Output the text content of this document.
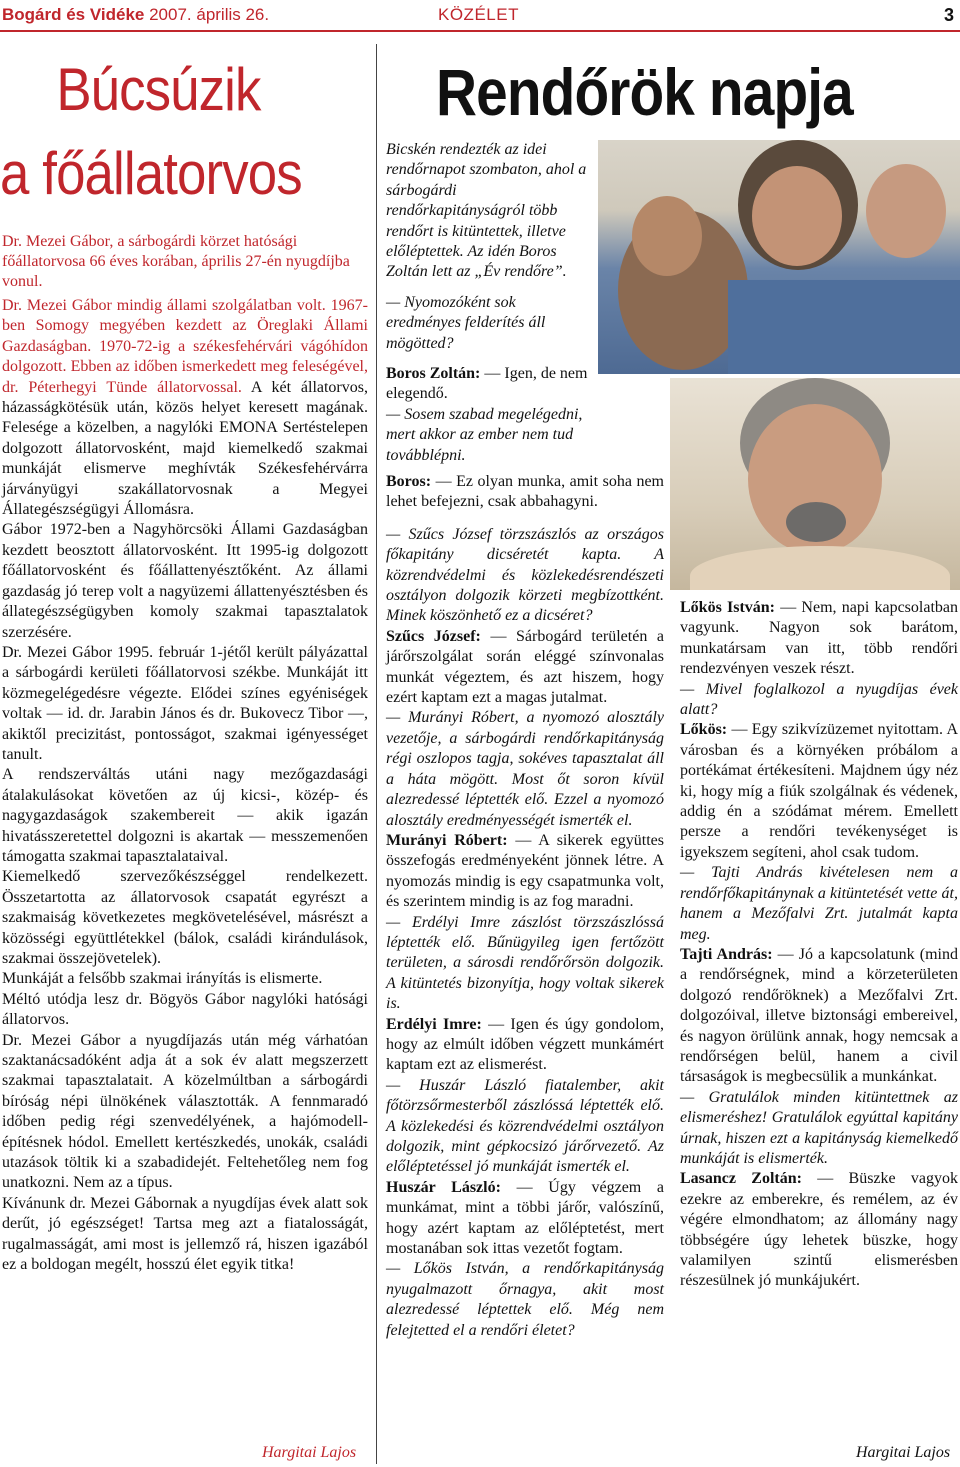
Bogárd és Vidéke 2007. április 26.	KÖZÉLET	3
Búcsúzik
a főállatorvos

Dr. Mezei Gábor, a sárbogárdi körzet hatósági főállatorvosa 66 éves korában, április 27-én nyugdíjba vonul.

Dr. Mezei Gábor mindig állami szolgálatban volt. 1967-ben Somogy megyében kezdett az Öreglaki Állami Gazdaságban. 1970-72-ig a székesfehérvári vágóhídon dolgozott. Ebben az időben ismerkedett meg feleségével, dr. Péterhegyi Tünde állatorvossal. A két állatorvos, házasságkötésük után, közös helyet keresett magának. Felesége a közelben, a nagylóki EMONA Sertéstelepen dolgozott állatorvosként, majd kiemelkedő szakmai munkáját elismerve meghívták Székesfehérvárra járványügyi szakállatorvosnak a Megyei Állategészségügyi Állomásra.

Gábor 1972-ben a Nagyhörcsöki Állami Gazdaságban kezdett beosztott állatorvosként. Itt 1995-ig dolgozott főállatorvosként és főállattenyésztőként. Az állami gazdaság jó terep volt a nagyüzemi állattenyésztésben és állategészségügyben komoly szakmai tapasztalatok szerzésére.

Dr. Mezei Gábor 1995. február 1-jétől került pályázattal a sárbogárdi kerületi főállatorvosi székbe. Munkáját itt közmegelégedésre végezte. Elődei színes egyéniségek voltak — id. dr. Jarabin János és dr. Bukovecz Tibor —, akiktől precizitást, pontosságot, szakmai igényességet tanult.

A rendszerváltás utáni nagy mezőgazdasági átalakulásokat követően az új kicsi-, közép- és nagygazdaságok szakembereit — akik igazán hivatásszeretettel dolgozni is akartak — messzemenően támogatta szakmai tapasztalataival.

Kiemelkedő szervezőkészséggel rendelkezett. Összetartotta az állatorvosok csapatát egyrészt a szakmaiság következetes megkövetelésével, másrészt a közösségi együttlétekkel (bálok, családi kirándulások, szakmai összejövetelek).

Munkáját a felsőbb szakmai irányítás is elismerte.

Méltó utódja lesz dr. Bögyös Gábor nagylóki hatósági állatorvos.

Dr. Mezei Gábor a nyugdíjazás után még várhatóan szaktanácsadóként adja át a sok év alatt megszerzett szakmai tapasztalatait. A közelmúltban a sárbogárdi bíróság népi ülnökének választották. A fennmaradó időben pedig régi szenvedélyének, a hajómodell-építésnek hódol. Emellett kertészkedés, unokák, családi utazások töltik ki a szabadidejét. Feltehetőleg nem fog unatkozni. Nem az a típus.

Kívánunk dr. Mezei Gábornak a nyugdíjas évek alatt sok derűt, jó egészséget! Tartsa meg azt a fiatalosságát, rugalmasságát, ami most is jellemző rá, hiszen igazából ez a boldogan megélt, hosszú élet egyik titka!

Hargitai Lajos
Rendőrök napja

Bicskén rendezték az idei rendőrnapot szombaton, ahol a sárbogárdi rendőrkapitányságról több rendőrt is kitüntettek, illetve előléptettek. Az idén Boros Zoltán lett az „Év rendőre”.

— Nyomozóként sok eredményes felderítés áll mögötted?

Boros Zoltán: — Igen, de nem elegendő.

— Sosem szabad megelégedni, mert akkor az ember nem tud továbblépni.

Boros: — Ez olyan munka, amit soha nem lehet befejezni, csak abbahagyni.

— Szűcs József törzszászlós az országos főkapitány dicséretét kapta. A közrendvédelmi és közlekedésrendészeti osztályon dolgozik körzeti megbízottként. Minek köszönhető ez a dicséret?

Szűcs József: — Sárbogárd területén a járőrszolgálat során eléggé színvonalas munkát végeztem, és azt hiszem, hogy ezért kaptam ezt a magas jutalmat.

— Murányi Róbert, a nyomozó alosztály vezetője, a sárbogárdi rendőrkapitányság régi oszlopos tagja, sokéves tapasztalat áll a háta mögött. Most őt soron kívül alezredessé léptették elő. Ezzel a nyomozó alosztály eredményességét ismerték el.

Murányi Róbert: — A sikerek együttes összefogás eredményeként jönnek létre. A nyomozás mindig is egy csapatmunka volt, és szerintem mindig is az fog maradni.

— Erdélyi Imre zászlóst törzszászlóssá léptették elő. Bűnügyileg igen fertőzött területen, a sárosdi rendőrőrsön dolgozik. A kitüntetés bizonyítja, hogy voltak sikerek is.

Erdélyi Imre: — Igen és úgy gondolom, hogy az elmúlt időben végzett munkámért kaptam ezt az elismerést.

— Huszár László fiatalember, akit főtörzsőrmesterből zászlóssá léptették elő. A közlekedési és közrendvédelmi osztályon dolgozik, mint gépkocsizó járőrvezető. Az előléptetéssel jó munkáját ismerték el.

Huszár László: — Úgy végzem a munkámat, mint a többi járőr, valószínű, hogy azért kaptam az előléptetést, mert mostanában sok ittas vezetőt fogtam.

— Lőkös István, a rendőrkapitányság nyugalmazott őrnagya, akit most alezredessé léptettek elő. Még nem felejtetted el a rendőri életet?

Lőkös István: — Nem, napi kapcsolatban vagyunk. Nagyon sok barátom, munkatársam van itt, több rendőri rendezvényen veszek részt.

— Mivel foglalkozol a nyugdíjas évek alatt?

Lőkös: — Egy szikvízüzemet nyitottam. A városban és a környéken próbálom a portékámat értékesíteni. Majdnem úgy néz ki, hogy míg a fiúk szolgálnak és védenek, addig én a szódámat mérem. Emellett persze a rendőri tevékenységet is igyekszem segíteni, ahol csak tudom.

— Tajti András kivételesen nem a rendőrfőkapitánynak a kitüntetését vette át, hanem a Mezőfalvi Zrt. jutalmát kapta meg.

Tajti András: — Jó a kapcsolatunk (mind a rendőrségnek, mind a körzeterületen dolgozó rendőröknek) a Mezőfalvi Zrt. dolgozóival, illetve biztonsági embereivel, és nagyon örülünk annak, hogy nemcsak a rendőrségen belül, hanem a civil társaságok is megbecsülik a munkánkat.

— Gratulálok minden kitüntettnek az elismeréshez! Gratulálok egyúttal kapitány úrnak, hiszen ezt a kapitányság kiemelkedő munkáját is elismerték.

Lasancz Zoltán: — Büszke vagyok ezekre az emberekre, és remélem, az év végére elmondhatom; az állomány nagy többségére úgy lehetek büszke, hogy valamilyen szintű elismerésben részesülnek jó munkájukért.

Hargitai Lajos
